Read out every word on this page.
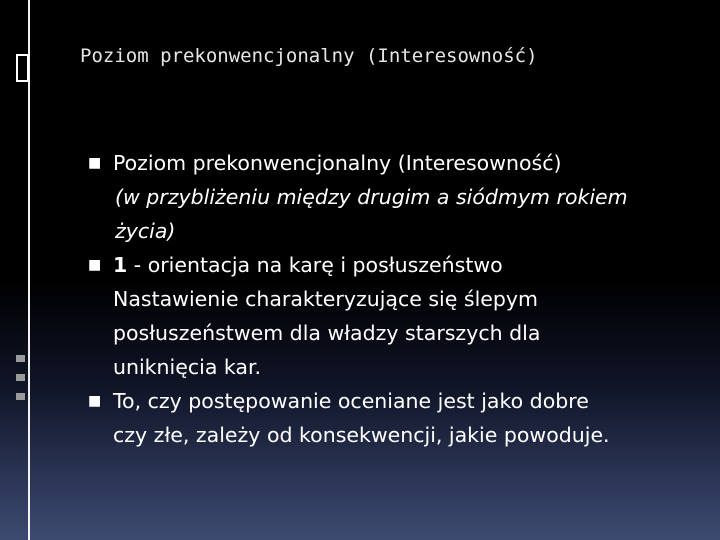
Poziom prekonwencjonalny (Interesowność)
■ Poziom prekonwencjonalny (Interesowność)
(w przybliżeniu między drugim a siódmym rokiem
życia)
■ 1 - orientacja na karę i posłuszeństwo
Nastawienie charakteryzujące się ślepym
posłuszeństwem dla władzy starszych dla
uniknięcia kar.
■ To, czy postępowanie oceniane jest jako dobre
czy złe, zależy od konsekwencji, jakie powoduje.
